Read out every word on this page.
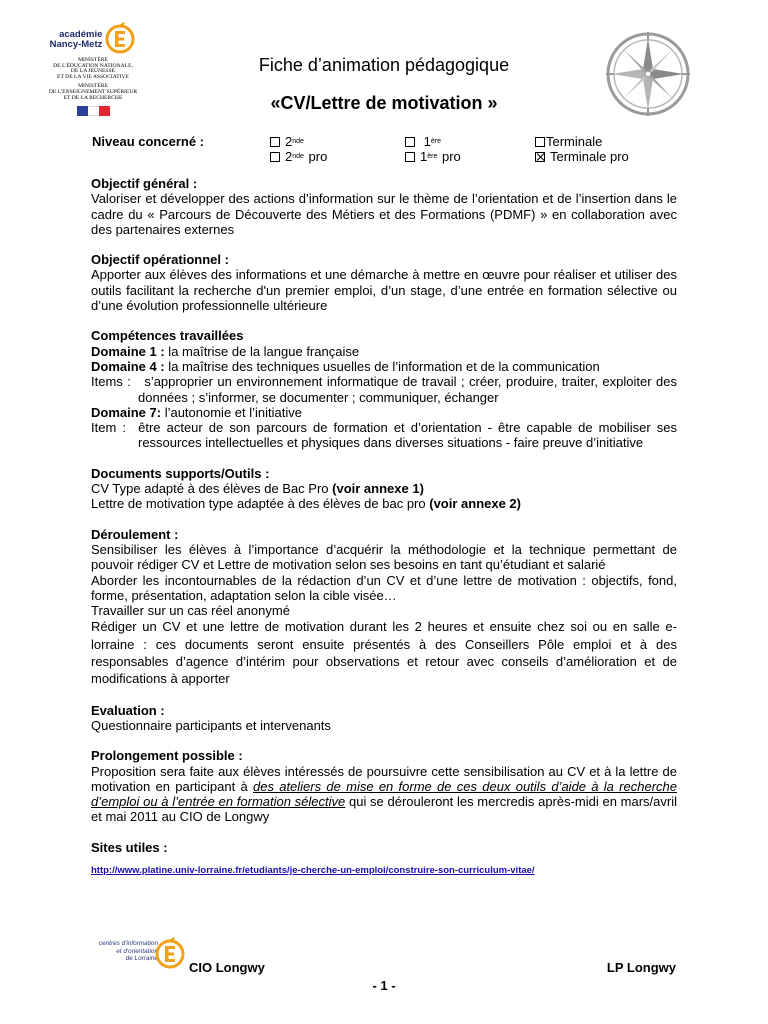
académie
Nancy-Metz
MINISTÈRE
DE L'ÉDUCATION NATIONALE,
DE LA JEUNESSE
ET DE LA VIE ASSOCIATIVE
MINISTÈRE
DE L'ENSEIGNEMENT SUPÉRIEUR
ET DE LA RECHERCHE
Fiche d’animation pédagogique
«CV/Lettre de motivation »
Niveau concerné :	2 nde
2 nde
pro

1 ère
1 ère
pro
Terminale
Terminale pro

Objectif général :

Valoriser et développer des actions d’information sur le thème de l’orientation et de l’insertion dans le cadre du « Parcours de Découverte des Métiers et des Formations (PDMF) » en collaboration avec des partenaires externes

Objectif opérationnel :

Apporter aux élèves des informations et une démarche à mettre en œuvre pour réaliser et utiliser des outils facilitant la recherche d'un premier emploi, d’un stage, d’une entrée en formation sélective ou d’une évolution professionnelle ultérieure

Compétences travaillées

Domaine 1 : la maîtrise de la langue française

Domaine 4 : la maîtrise des techniques usuelles de l’information et de la communication

Items : s’approprier un environnement informatique de travail ; créer, produire, traiter, exploiter des données ; s’informer, se documenter ; communiquer, échanger

Domaine 7: l’autonomie et l’initiative

Item : être acteur de son parcours de formation et d’orientation - être capable de mobiliser ses ressources intellectuelles et physiques dans diverses situations - faire preuve d’initiative

Documents supports/Outils :

CV Type adapté à des élèves de Bac Pro (voir annexe 1)

Lettre de motivation type adaptée à des élèves de bac pro (voir annexe 2)

Déroulement :

Sensibiliser les élèves à l’importance d’acquérir la méthodologie et la technique permettant de pouvoir rédiger CV et Lettre de motivation selon ses besoins en tant qu’étudiant et salarié

Aborder les incontournables de la rédaction d’un CV et d’une lettre de motivation : objectifs, fond, forme, présentation, adaptation selon la cible visée…

Travailler sur un cas réel anonymé

Rédiger un CV et une lettre de motivation durant les 2 heures et ensuite chez soi ou en salle e-lorraine : ces documents seront ensuite présentés à des Conseillers Pôle emploi et à des responsables d’agence d’intérim pour observations et retour avec conseils d’amélioration et de modifications à apporter

Evaluation :

Questionnaire participants et intervenants

Prolongement possible :

Proposition sera faite aux élèves intéressés de poursuivre cette sensibilisation au CV et à la lettre de motivation en participant à des ateliers de mise en forme de ces deux outils d’aide à la recherche d’emploi ou à l’entrée en formation sélective qui se dérouleront les mercredis après-midi en mars/avril et mai 2011 au CIO de Longwy

Sites utiles :

http://www.platine.univ-lorraine.fr/etudiants/je-cherche-un-emploi/construire-son-curriculum-vitae/

centres d'information
et d'orientation
de Lorraine
CIO Longwy	LP Longwy
- 1 -
